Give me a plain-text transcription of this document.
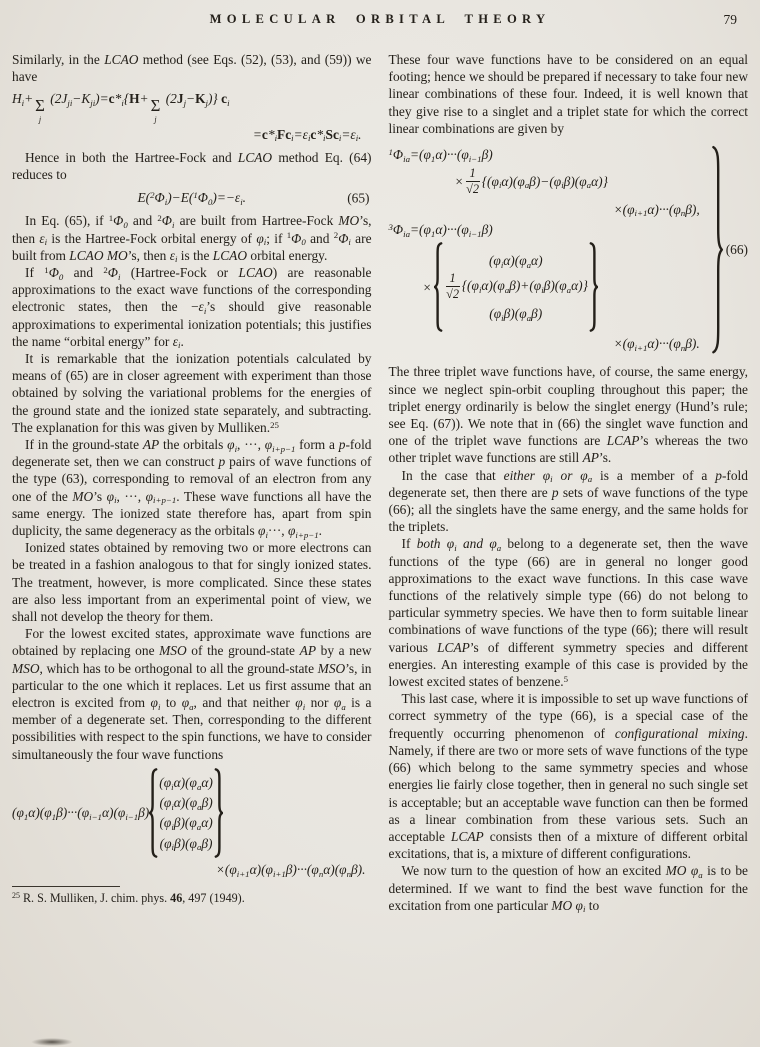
MOLECULAR ORBITAL THEORY	79

Similarly, in the LCAO method (see Eqs. (52), (53), and (59)) we have

$H_i+ \Sigma$
j
$(2J_{ji}-K_{ji})=c*_i\{H+ \Sigma$
j
$(2J_j-K_j)$} $c_i$
$=c*_iFc_i=\varepsilon_ic*_iSc_i=\varepsilon_i$.

Hence in both the Hartree-Fock and LCAO method Eq. (64) reduces to

$E(^2\Phi_i)-E(^1\Phi_0)=-\varepsilon_i$.	(65)

In Eq. (65), if $^1\Phi_0$ and $^2\Phi_i$ are built from Hartree-Fock MO’s, then $\varepsilon_i$ is the Hartree-Fock orbital energy of $\varphi_i$; if $^1\Phi_0$ and $^2\Phi_i$ are built from LCAO MO’s, then $\varepsilon_i$ is the LCAO orbital energy.

If $^1\Phi_0$ and $^2\Phi_i$ (Hartree-Fock or LCAO) are reasonable approximations to the exact wave functions of the corresponding electronic states, then the $-\varepsilon_i’s$ should give reasonable approximations to experimental ionization potentials; this justifies the name “orbital energy” for $\varepsilon_i$.

It is remarkable that the ionization potentials calculated by means of (65) are in closer agreement with experiment than those obtained by solving the variational problems for the energies of the ground state and the ionized state separately, and subtracting. The explanation for this was given by Mulliken.$^{25}$

If in the ground-state AP the orbitals $\varphi_i$, ···, $\varphi_{i+p-1}$ form a p-fold degenerate set, then we can construct p pairs of wave functions of the type (63), corresponding to removal of an electron from any one of the MO’s $\varphi_i$, ···, $\varphi_{i+p-1}$. These wave functions all have the same energy. The ionized state therefore has, apart from spin duplicity, the same degeneracy as the orbitals $\varphi_i\cdot\cdot\cdot$, $\varphi_{i+p-1}$.

Ionized states obtained by removing two or more electrons can be treated in a fashion analogous to that for singly ionized states. The treatment, however, is more complicated. Since these states are also less important from an experimental point of view, we shall not develop the theory for them.

For the lowest excited states, approximate wave functions are obtained by replacing one MSO of the ground-state AP by a new MSO, which has to be orthogonal to all the ground-state MSO’s, in particular to the one which it replaces. Let us first assume that an electron is excited from $\varphi_i$ to $\varphi_a$, and that neither $\varphi_i$ nor $\varphi_a$ is a member of a degenerate set. Then, corresponding to the different possibilities with respect to the spin functions, we have to consider simultaneously the four wave functions

$(\varphi_1\alpha)(\varphi_1\beta)\cdot\cdot\cdot(\varphi_{i-1}\alpha)(\varphi_{i-1}\beta)$
$(\varphi_i\alpha)(\varphi_a\alpha)$
$(\varphi_i\alpha)(\varphi_a\beta)$
$(\varphi_i\beta)(\varphi_a\alpha)$
$(\varphi_i\beta)(\varphi_a\beta)$
$\times(\varphi_{i+1}\alpha)(\varphi_{i+1}\beta)\cdot\cdot\cdot(\varphi_n\alpha)(\varphi_n\beta)$.

$^{25}$ R. S. Mulliken, J. chim. phys. 46, 497 (1949).

These four wave functions have to be considered on an equal footing; hence we should be prepared if necessary to take four new linear combinations of these four. Indeed, it is well known that they give rise to a singlet and a triplet state for which the correct linear combinations are given by

$^1\Phi_{ia}=(\varphi_1\alpha)\cdot\cdot\cdot(\varphi_{i-1}\beta)$
× $\frac{1}{√2} \{(\varphi_i$ $\alpha)(\varphi_a$ $\beta)-(\varphi_i$ $\beta)(\varphi_a$ α)}
$\times(\varphi_{i+1}\alpha)\cdot\cdot\cdot(\varphi_n\beta)$,
$^3\Phi_{ia}=(\varphi_1\alpha)\cdot\cdot\cdot(\varphi_{i-1}\beta)$
×
$(\varphi_i\alpha)(\varphi_a\alpha)$
$\frac{1}{√2} \{(\varphi_i\alpha)(\varphi_a\beta)+(\varphi_i\beta)(\varphi_a\alpha)\}$
$(\varphi_i\beta)(\varphi_a\beta)$
$\times(\varphi_{i+1}\alpha)\cdot\cdot\cdot(\varphi_n\beta)$.
(66)

The three triplet wave functions have, of course, the same energy, since we neglect spin-orbit coupling throughout this paper; the triplet energy ordinarily is below the singlet energy (Hund’s rule; see Eq. (67)). We note that in (66) the singlet wave function and one of the triplet wave functions are LCAP’s whereas the two other triplet wave functions are still AP’s.

In the case that either $\varphi_i$ or $\varphi_a$ is a member of a p-fold degenerate set, then there are p sets of wave functions of the type (66); all the singlets have the same energy, and the same holds for the triplets.

If both $\varphi_i$ and $\varphi_a$ belong to a degenerate set, then the wave functions of the type (66) are in general no longer good approximations to the exact wave functions. In this case wave functions of the relatively simple type (66) do not belong to particular symmetry species. We have then to form suitable linear combinations of wave functions of the type (66); there will result various LCAP’s of different symmetry species and different energies. An interesting example of this case is provided by the lowest excited states of benzene.$^5$

This last case, where it is impossible to set up wave functions of correct symmetry of the type (66), is a special case of the frequently occurring phenomenon of configurational mixing. Namely, if there are two or more sets of wave functions of the type (66) which belong to the same symmetry species and whose energies lie fairly close together, then in general no such single set is acceptable; but an acceptable wave function can then be formed as a linear combination from these various sets. Such an acceptable LCAP consists then of a mixture of different orbital excitations, that is, a mixture of different configurations.

We now turn to the question of how an excited MO $\varphi_a$ is to be determined. If we want to find the best wave function for the excitation from one particular MO $\varphi_i$ to
